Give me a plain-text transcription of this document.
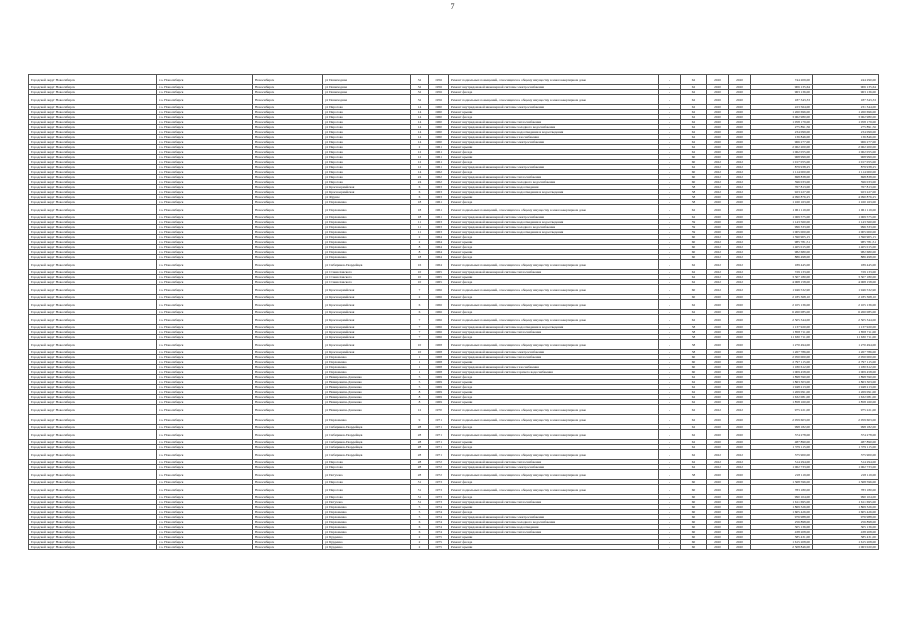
7
Городской округ Новосибирск	г.о. Новосибирск	Новосибирск	ул Пешеходная	32	1956	Ремонт подвальных помещений, относящихся к общему имуществу в многоквартирном доме	-	62	2020	2020	744 209,00	244 290,00
Городской округ Новосибирск	г.о. Новосибирск	Новосибирск	ул Пешеходная	32	1956	Ремонт внутридомовой инженерной системы электроснабжения	-	62	2020	2020	906 135,64	906 135,64
Городской округ Новосибирск	г.о. Новосибирск	Новосибирск	ул Пешеходная	32	1956	Ремонт фасада	-	62	2020	2020	963 136,00	963 136,00
Городской округ Новосибирск	г.о. Новосибирск	Новосибирск	ул Пешеходная	32	1956	Ремонт подвальных помещений, относящихся к общему имуществу в многоквартирном доме	-	62	2020	2020	187 343,33	187 343,33
Городской округ Новосибирск	г.о. Новосибирск	Новосибирск	ул Пирогова	14	1960	Ремонт внутридомовой инженерной системы электроснабжения	-	62	2020	2020	223 564,00	231 344,00
Городской округ Новосибирск	г.о. Новосибирск	Новосибирск	ул Пирогова	14	1960	Ремонт крыши	-	62	2020	2020	1 260 696,00	1 260 696,00
Городской округ Новосибирск	г.о. Новосибирск	Новосибирск	ул Пирогова	14	1960	Ремонт фасада	-	62	2020	2020	3 062 980,00	3 062 980,00
Городской округ Новосибирск	г.о. Новосибирск	Новосибирск	ул Пирогова	14	1960	Ремонт внутридомовой инженерной системы теплоснабжения	-	62	2020	2020	1 058 179,00	1 058 179,00
Городской округ Новосибирск	г.о. Новосибирск	Новосибирск	ул Пирогова	14	1960	Ремонт внутридомовой инженерной системы холодного водоснабжения	-	62	2020	2020	275 891,56	275 891,56
Городской округ Новосибирск	г.о. Новосибирск	Новосибирск	ул Пирогова	14	1960	Ремонт внутридомовой инженерной системы водоотведения и водоотведения	-	62	2020	2020	234 099,00	234 099,00
Городской округ Новосибирск	г.о. Новосибирск	Новосибирск	ул Пирогова	14	1960	Ремонт внутридомовой инженерной системы газоснабжения	-	62	2020	2020	136 846,00	136 846,00
Городской округ Новосибирск	г.о. Новосибирск	Новосибирск	ул Пирогова	14	1960	Ремонт внутридомовой инженерной системы электроснабжения	-	62	2020	2020	966 277,00	966 277,00
Городской округ Новосибирск	г.о. Новосибирск	Новосибирск	ул Пирогова	2	1961	Ремонт крыши	-	62	2020	2020	2 062 200,00	2 062 200,00
Городской округ Новосибирск	г.о. Новосибирск	Новосибирск	ул Пирогова	12	1961	Ремонт фасада	-	62	2020	2020	1 062 055,00	1 062 055,00
Городской округ Новосибирск	г.о. Новосибирск	Новосибирск	ул Пирогова	12	1961	Ремонт крыши	-	60	2020	2020	968 999,00	968 999,00
Городской округ Новосибирск	г.о. Новосибирск	Новосибирск	ул Пирогова	12	1961	Ремонт фасада	-	60	2022	2022	1 017 055,00	1 017 055,00
Городской округ Новосибирск	г.о. Новосибирск	Новосибирск	ул Пирогова	12	1961	Ремонт внутридомовой инженерной системы электроснабжения	-	62	2022	2022	879 938,25	879 938,25
Городской округ Новосибирск	г.о. Новосибирск	Новосибирск	ул Пирогова	14	1962	Ремонт фасада	-	60	2022	2022	1 114 000,00	1 114 000,00
Городской округ Новосибирск	г.о. Новосибирск	Новосибирск	ул Пирогова	24	1962	Ремонт внутридомовой инженерной системы теплоснабжения	-	60	2022	2022	698 838,00	698 838,00
Городской округ Новосибирск	г.о. Новосибирск	Новосибирск	ул Пирогова	24	1962	Ремонт внутридомовой инженерной системы холодного водоснабжения	-	60	2022	2022	596 033,00	596 033,00
Городской округ Новосибирск	г.о. Новосибирск	Новосибирск	ул Красноармейская	6	1963	Ремонт внутридомовой инженерной системы водоотведения	-	58	2022	2022	767 813,00	767 813,00
Городской округ Новосибирск	г.о. Новосибирск	Новосибирск	ул Красноармейская	6	1963	Ремонт внутридомовой инженерной системы водоотведения и водоотведения	-	58	2022	2022	923 227,00	923 227,00
Городской округ Новосибирск	г.о. Новосибирск	Новосибирск	ул Фрунзе	6	1963	Ремонт крыши	-	58	2020	2020	4 090 876,25	4 090 876,25
Городской округ Новосибирск	г.о. Новосибирск	Новосибирск	ул Пархоменко	18	1961	Ремонт фасада	-	58	2020	2020	1 160 163,00	1 160 163,00
Городской округ Новосибирск	г.о. Новосибирск	Новосибирск	ул Пархоменко	18	1961	Ремонт подвальных помещений, относящихся к общему имуществу в многоквартирном доме	-	62	2020	2020	1 061 119,00	1 061 119,00
Городской округ Новосибирск	г.о. Новосибирск	Новосибирск	ул Пархоменко	18	1961	Ремонт внутридомовой инженерной системы электроснабжения	-	62	2020	2020	1 069 575,00	1 069 575,00
Городской округ Новосибирск	г.о. Новосибирск	Новосибирск	ул Пархоменко	11	1963	Ремонт внутридомовой инженерной системы водоотведения и водоотведения	-	59	2020	2020	1 143 560,00	1 143 560,00
Городской округ Новосибирск	г.о. Новосибирск	Новосибирск	ул Пархоменко	11	1963	Ремонт внутридомовой инженерной системы холодного водоснабжения	-	59	2020	2020	996 333,00	996 333,00
Городской округ Новосибирск	г.о. Новосибирск	Новосибирск	ул Пархоменко	11	1963	Ремонт внутридомовой инженерной системы водоотведения и водоотведения	-	59	2020	2020	1 005 000,00	1 005 000,00
Городской округ Новосибирск	г.о. Новосибирск	Новосибирск	ул Пархоменко	2	1964	Ремонт фасада	-	60	2022	2022	1 390 905,15	1 390 905,15
Городской округ Новосибирск	г.о. Новосибирск	Новосибирск	ул Пархоменко	2	1964	Ремонт крыши	-	60	2022	2022	985 781,51	985 781,51
Городской округ Новосибирск	г.о. Новосибирск	Новосибирск	ул Пархоменко	8	1964	Ремонт фасада	-	60	2022	2022	1 405 015,00	1 405 015,00
Городской округ Новосибирск	г.о. Новосибирск	Новосибирск	ул Пархоменко	8	1964	Ремонт крыши	-	60	2022	2022	982 680,00	982 680,00
Городской округ Новосибирск	г.о. Новосибирск	Новосибирск	ул Пархоменко	18	1964	Ремонт фасада	-	60	2022	2022	886 498,00	886 498,00
Городской округ Новосибирск	г.о. Новосибирск	Новосибирск	ул Сибиряков-Гвардейцев	16	1964	Ремонт подвальных помещений, относящихся к общему имуществу в многоквартирном доме	-	62	2022	2022	189 445,00	189 445,00
Городской округ Новосибирск	г.о. Новосибирск	Новосибирск	ул Станиславского	10	1965	Ремонт внутридомовой инженерной системы теплоснабжения	-	62	2022	2022	729 133,00	729 133,00
Городской округ Новосибирск	г.о. Новосибирск	Новосибирск	ул Станиславского	10	1965	Ремонт крыши	-	62	2022	2022	3 307 180,00	3 307 180,00
Городской округ Новосибирск	г.о. Новосибирск	Новосибирск	ул Станиславского	10	1965	Ремонт фасада	-	62	2022	2022	4 068 158,00	4 068 158,00
Городской округ Новосибирск	г.о. Новосибирск	Новосибирск	ул Красноармейская	7	1966	Ремонт подвальных помещений, относящихся к общему имуществу в многоквартирном доме	-	60	2022	2022	1 946 532,90	1 946 532,90
Городской округ Новосибирск	г.о. Новосибирск	Новосибирск	ул Красноармейская	2	1966	Ремонт фасада	-	60	2020	2020	2 185 368,10	2 185 368,10
Городской округ Новосибирск	г.о. Новосибирск	Новосибирск	ул Красноармейская	6	1966	Ремонт подвальных помещений, относящихся к общему имуществу в многоквартирном доме	-	62	2020	2020	2 105 136,00	2 105 136,00
Городской округ Новосибирск	г.о. Новосибирск	Новосибирск	ул Красноармейская	6	1966	Ремонт фасада	-	62	2020	2020	6 260 085,00	6 260 085,00
Городской округ Новосибирск	г.о. Новосибирск	Новосибирск	ул Красноармейская	7	1966	Ремонт подвальных помещений, относящихся к общему имуществу в многоквартирном доме	-	62	2020	2020	2 505 344,00	2 505 344,00
Городской округ Новосибирск	г.о. Новосибирск	Новосибирск	ул Красноармейская	7	1966	Ремонт внутридомовой инженерной системы водоотведения и водоотведения	-	58	2020	2020	1 137 920,00	1 137 920,00
Городской округ Новосибирск	г.о. Новосибирск	Новосибирск	ул Красноармейская	7	1966	Ремонт внутридомовой инженерной системы теплоснабжения	-	58	2020	2020	1 858 711,00	1 858 711,00
Городской округ Новосибирск	г.о. Новосибирск	Новосибирск	ул Красноармейская	7	1966	Ремонт фасада	-	58	2020	2020	11 630 711,00	11 630 711,00
Городской округ Новосибирск	г.о. Новосибирск	Новосибирск	ул Красноармейская	10	1968	Ремонт подвальных помещений, относящихся к общему имуществу в многоквартирном доме	-	58	2020	2020	1 270 494,00	1 270 494,00
Городской округ Новосибирск	г.о. Новосибирск	Новосибирск	ул Красноармейская	10	1968	Ремонт внутридомовой инженерной системы электроснабжения	-	58	2020	2020	1 267 786,00	1 267 786,00
Городской округ Новосибирск	г.о. Новосибирск	Новосибирск	ул Пархоменко	1	1968	Ремонт внутридомовой инженерной системы теплоснабжения	-	60	2020	2020	2 050 000,00	2 050 000,00
Городской округ Новосибирск	г.о. Новосибирск	Новосибирск	ул Пархоменко	1	1968	Ремонт крыши	-	60	2020	2020	2 797 115,00	2 797 115,00
Городской округ Новосибирск	г.о. Новосибирск	Новосибирск	ул Пархоменко	1	1968	Ремонт внутридомовой инженерной системы газоснабжения	-	60	2020	2020	1 180 612,00	1 180 612,00
Городской округ Новосибирск	г.о. Новосибирск	Новосибирск	ул Пархоменко	1	1968	Ремонт внутридомовой инженерной системы горячего водоснабжения	-	60	2020	2020	1 009 458,00	1 009 458,00
Городской округ Новосибирск	г.о. Новосибирск	Новосибирск	ул Немировича-Данченко	5	1969	Ремонт фасада	-	62	2020	2020	1 898 590,00	1 898 590,00
Городской округ Новосибирск	г.о. Новосибирск	Новосибирск	ул Немировича-Данченко	5	1969	Ремонт крыши	-	62	2020	2020	1 863 303,00	1 863 303,00
Городской округ Новосибирск	г.о. Новосибирск	Новосибирск	ул Немировича-Данченко	5	1969	Ремонт фасада	-	62	2020	2020	1 948 213,00	1 948 213,00
Городской округ Новосибирск	г.о. Новосибирск	Новосибирск	ул Немировича-Данченко	8	1969	Ремонт крыши	-	62	2020	2020	1 269 091,00	1 269 091,00
Городской округ Новосибирск	г.о. Новосибирск	Новосибирск	ул Немировича-Данченко	8	1969	Ремонт фасада	-	62	2020	2020	1 632 081,00	1 632 081,00
Городской округ Новосибирск	г.о. Новосибирск	Новосибирск	ул Немировича-Данченко	8	1969	Ремонт крыши	-	62	2020	2020	1 858 160,00	1 858 160,00
Городской округ Новосибирск	г.о. Новосибирск	Новосибирск	ул Немировича-Данченко	12	1970	Ремонт подвальных помещений, относящихся к общему имуществу в многоквартирном доме	-	62	2022	2022	975 221,00	975 221,00
Городской округ Новосибирск	г.о. Новосибирск	Новосибирск	ул Пархоменко	9	1971	Ремонт подвальных помещений, относящихся к общему имуществу в многоквартирном доме	-	62	2020	2020	2 059 603,00	2 059 603,00
Городской округ Новосибирск	г.о. Новосибирск	Новосибирск	ул Сибиряков-Гвардейцев	28	1971	Ремонт фасада	-	62	2020	2020	998 182,00	998 182,00
Городской округ Новосибирск	г.о. Новосибирск	Новосибирск	ул Сибиряков-Гвардейцев	28	1971	Ремонт подвальных помещений, относящихся к общему имуществу в многоквартирном доме	-	62	2020	2020	374 278,00	374 278,00
Городской округ Новосибирск	г.о. Новосибирск	Новосибирск	ул Сибиряков-Гвардейцев	28	1971	Ремонт крыши	-	62	2020	2020	487 890,00	487 890,00
Городской округ Новосибирск	г.о. Новосибирск	Новосибирск	ул Сибиряков-Гвардейцев	28	1971	Ремонт фасада	-	62	2020	2020	1 379 115,00	1 379 115,00
Городской округ Новосибирск	г.о. Новосибирск	Новосибирск	ул Сибиряков-Гвардейцев	28	1971	Ремонт подвальных помещений, относящихся к общему имуществу в многоквартирном доме	-	62	2022	2022	375 900,00	375 900,00
Городской округ Новосибирск	г.о. Новосибирск	Новосибирск	ул Пирогова	28	1972	Ремонт внутридомовой инженерной системы теплоснабжения	-	62	2022	2022	514 294,00	514 294,00
Городской округ Новосибирск	г.о. Новосибирск	Новосибирск	ул Пирогова	28	1972	Ремонт внутридомовой инженерной системы электроснабжения	-	62	2022	2022	1 062 733,00	1 062 733,00
Городской округ Новосибирск	г.о. Новосибирск	Новосибирск	ул Петухова	28	1972	Ремонт подвальных помещений, относящихся к общему имуществу в многоквартирном доме	-	58	2020	2020	218 119,00	218 119,00
Городской округ Новосибирск	г.о. Новосибирск	Новосибирск	ул Пирогова	31	1973	Ремонт фасада	-	60	2020	2020	1 368 596,00	1 368 596,00
Городской округ Новосибирск	г.о. Новосибирск	Новосибирск	ул Пирогова	31	1973	Ремонт подвальных помещений, относящихся к общему имуществу в многоквартирном доме	-	60	2020	2020	783 180,00	783 180,00
Городской округ Новосибирск	г.о. Новосибирск	Новосибирск	ул Пирогова	31	1973	Ремонт фасада	-	60	2020	2020	990 104,00	990 104,00
Городской округ Новосибирск	г.о. Новосибирск	Новосибирск	ул Петухова	31	1973	Ремонт внутридомовой инженерной системы теплоснабжения	-	60	2020	2020	1 611 695,00	1 611 695,00
Городской округ Новосибирск	г.о. Новосибирск	Новосибирск	ул Пархоменко	5	1974	Ремонт крыши	-	60	2020	2020	1 869 326,00	1 869 326,00
Городской округ Новосибирск	г.о. Новосибирск	Новосибирск	ул Пархоменко	5	1974	Ремонт фасада	-	60	2020	2020	1 605 426,00	1 605 426,00
Городской округ Новосибирск	г.о. Новосибирск	Новосибирск	ул Пархоменко	5	1974	Ремонт внутридомовой инженерной системы электроснабжения	-	60	2020	2020	976 988,00	976 988,00
Городской округ Новосибирск	г.о. Новосибирск	Новосибирск	ул Пархоменко	6	1974	Ремонт внутридомовой инженерной системы холодного водоснабжения	-	60	2020	2020	256 898,00	256 898,00
Городской округ Новосибирск	г.о. Новосибирск	Новосибирск	ул Пархоменко	6	1974	Ремонт внутридомовой инженерной системы водоотведения	-	60	2020	2020	305 136,00	305 136,00
Городской округ Новосибирск	г.о. Новосибирск	Новосибирск	ул Пархоменко	6	1974	Ремонт внутридомовой инженерной системы теплоснабжения	-	60	2020	2020	438 208,00	438 208,00
Городской округ Новосибирск	г.о. Новосибирск	Новосибирск	ул Бурденко	2	1975	Ремонт крыши	-	60	2020	2020	585 431,00	585 431,00
Городской округ Новосибирск	г.о. Новосибирск	Новосибирск	ул Бурденко	2	1975	Ремонт фасада	-	60	2020	2020	1 615 208,00	1 615 208,00
Городской округ Новосибирск	г.о. Новосибирск	Новосибирск	ул Бурденко	2	1975	Ремонт крыши	-	60	2020	2020	2 508 846,00	1 063 020,00
